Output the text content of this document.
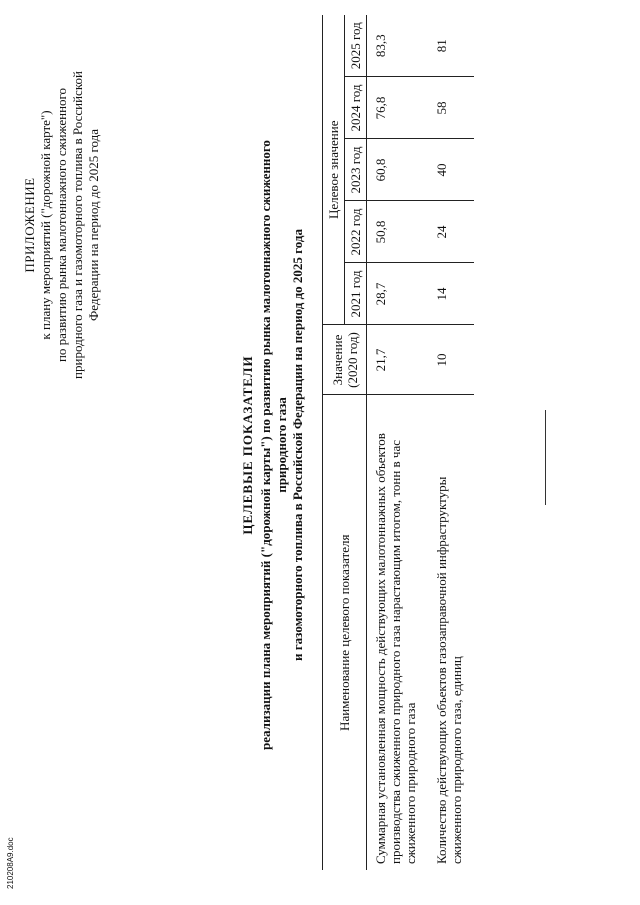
ПРИЛОЖЕНИЕ к плану мероприятий ("дорожной карте") по развитию рынка малотоннажного сжиженного природного газа и газомоторного топлива в Российской Федерации на период до 2025 года
ЦЕЛЕВЫЕ ПОКАЗАТЕЛИ реализации плана мероприятий ("дорожной карты") по развитию рынка малотоннажного сжиженного природного газа и газомоторного топлива в Российской Федерации на период до 2025 года Наименование целевого показателя	Значение (2020 год)	Целевое значение				
		2021 год	2022 год	2023 год	2024 год	2025 год
Суммарная установленная мощность действующих малотоннажных объектов производства сжиженного природного газа нарастающим итогом, тонн в час сжиженного природного газа	21,7	28,7	50,8	60,8	76,8	83,3
Количество действующих объектов газозаправочной инфраструктуры сжиженного природного газа, единиц	10	14	24	40	58	81
210208А9.doc
